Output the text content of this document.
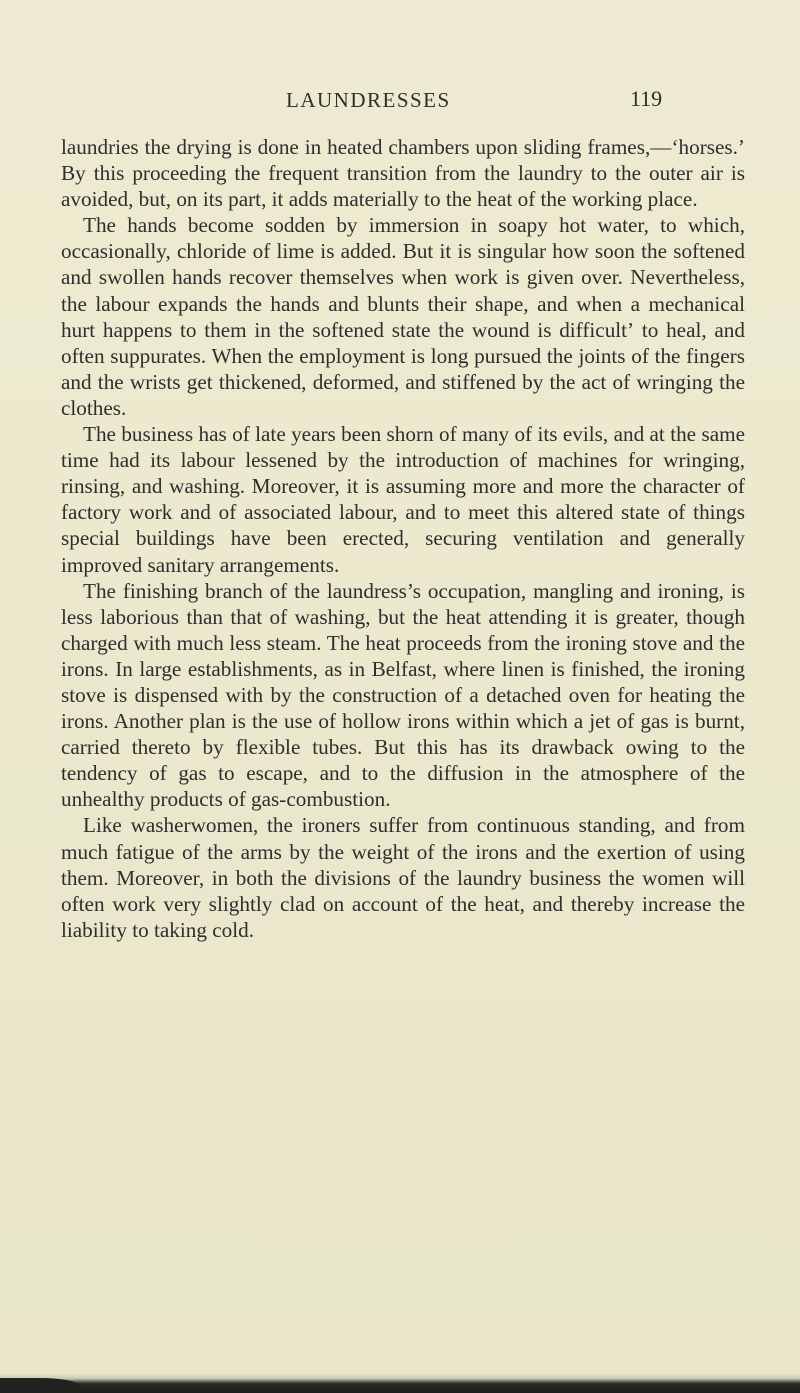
LAUNDRESSES	119

laundries the drying is done in heated chambers upon sliding frames,—‘horses.’ By this proceeding the frequent transition from the laundry to the outer air is avoided, but, on its part, it adds materially to the heat of the working place.

The hands become sodden by immersion in soapy hot water, to which, occasionally, chloride of lime is added. But it is singular how soon the softened and swollen hands recover themselves when work is given over. Nevertheless, the labour expands the hands and blunts their shape, and when a mechanical hurt happens to them in the softened state the wound is difficultʼ to heal, and often suppurates. When the employment is long pursued the joints of the fingers and the wrists get thickened, deformed, and stiffened by the act of wringing the clothes.

The business has of late years been shorn of many of its evils, and at the same time had its labour lessened by the introduction of machines for wringing, rinsing, and washing. Moreover, it is assuming more and more the character of factory work and of associated labour, and to meet this altered state of things special buildings have been erected, securing ventilation and generally improved sanitary arrangements.

The finishing branch of the laundress’s occupation, mangling and ironing, is less laborious than that of washing, but the heat attending it is greater, though charged with much less steam. The heat proceeds from the ironing stove and the irons. In large establishments, as in Belfast, where linen is finished, the ironing stove is dispensed with by the construction of a detached oven for heating the irons. Another plan is the use of hollow irons within which a jet of gas is burnt, carried thereto by flexible tubes. But this has its drawback owing to the tendency of gas to escape, and to the diffusion in the atmosphere of the unhealthy products of gas-combustion.

Like washerwomen, the ironers suffer from continuous standing, and from much fatigue of the arms by the weight of the irons and the exertion of using them. Moreover, in both the divisions of the laundry business the women will often work very slightly clad on account of the heat, and thereby increase the liability to taking cold.
